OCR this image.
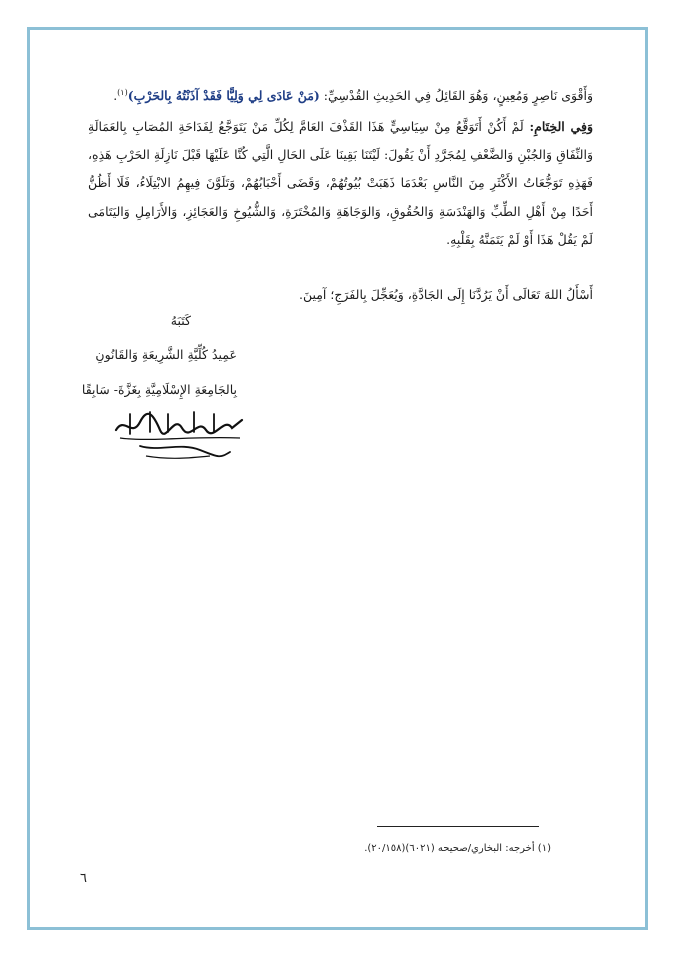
وَأَقْوَى نَاصِرٍ وَمُعِينٍ، وَهُوَ القَائِلُ فِي الحَدِيثِ القُدْسِيِّ: (مَنْ عَادَى لِي وَلِيًّا فَقَدْ آذَنْتُهُ بِالحَرْبِ)$^{(١)}$.

وَفِي الخِتَامِ: لَمْ أَكُنْ أَتَوَقَّعُ مِنْ سِيَاسِيٍّ هَذَا القَذْفَ العَامَّ لِكُلِّ مَنْ يَتَوَجَّعُ لِفَدَاحَةِ المُصَابِ بِالعَمَالَةِ وَالنِّفَاقِ وَالجُبْنِ وَالضَّعْفِ لِمُجَرَّدِ أَنْ يَقُولَ: لَيْتَنَا بَقِينَا عَلَى الحَالِ الَّتِي كُنَّا عَلَيْهَا قَبْلَ نَازِلَةِ الحَرْبِ هَذِهِ، فَهَذِهِ تَوَجُّعَاتُ الأَكْثَرِ مِنَ النَّاسِ بَعْدَمَا ذَهَبَتْ بُيُوتُهُمْ، وَقَضَى أَحْبَابُهُمْ، وَتَلَوَّنَ فِيهِمُ الابْتِلَاءُ، فَلَا أَظُنُّ أَحَدًا مِنْ أَهْلِ الطِّبِّ وَالهَنْدَسَةِ وَالحُقُوقِ، وَالوَجَاهَةِ وَالمُخْتَرَةِ، وَالشُّيُوخِ وَالعَجَائِزِ، وَالأَرَامِلِ وَاليَتَامَى لَمْ يَقُلْ هَذَا أَوْ لَمْ يَتَمَنَّهُ بِقَلْبِهِ.

أَسْأَلُ اللهَ تَعَالَى أَنْ يَرُدَّنَا إِلَى الجَادَّةِ، وَيُعَجِّلَ بِالفَرَجِ؛ آمِينَ.

كَتَبَهُ
عَمِيدُ كُلِّيَّةِ الشَّرِيعَةِ وَالقَانُونِ
بِالجَامِعَةِ الإِسْلَامِيَّةِ بِغَزَّةَ- سَابِقًا
(١) أخرجه: البخاري/صحيحه (٦٠٢١)(٢٠/١٥٨).
٦
